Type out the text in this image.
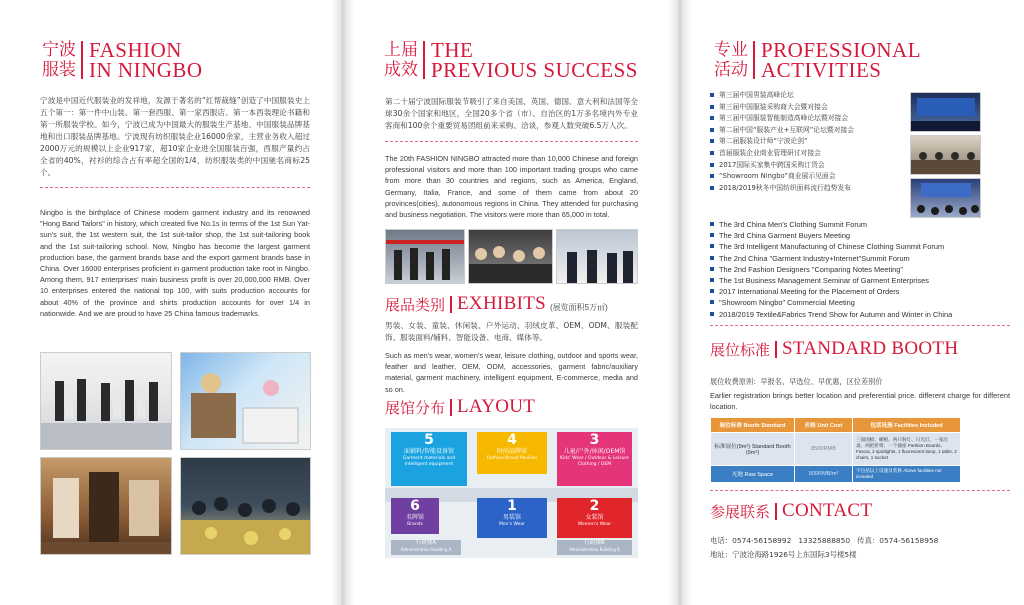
宁波服装
FASHION
IN NINGBO
宁波是中国近代服装业的发祥地，发源于著名的“红帮裁缝”创造了中国服装史上五个第一：第一件中山装、第一套西服、第一家西服店、第一本西装理论书籍和第一所服装学校。如今，宁波已成为中国最大的服装生产基地、中国服装品牌基地和出口服装品牌基地。宁波现有纺织服装企业16000余家，主营业务收入超过2000万元的规模以上企业917家，超10家企业进全国服装百强，西服产量约占全省的40%，衬衫的综合占有率超全国的1/4，纺织服装类的中国驰名商标25个。
Ningbo is the birthplace of Chinese modern garment industry and its renowned "Hong Band Tailors" in history, which created five No.1s in terms of the 1st Sun Yat-sun's suit, the 1st western suit, the 1st suit-tailor shop, the 1st suit-tailoring book and the 1st suit-tailoring school. Now, Ningbo has become the largest garment production base, the garment brands base and the export garment brands base in China. Over 16000 enterprises proficient in garment production take root in Ningbo. Among them, 917 enterprises' main business profit is over 20,000,000 RMB. Over 10 enterprises entered the national top 100, with suits production accounts for about 40% of the province and shirts production accounts for over 1/4 in nationwide. And we are proud to have 25 China famous trademarks.
上届成效
THE
PREVIOUS SUCCESS
第二十届宁波国际服装节吸引了来自美国、英国、德国、意大利和法国等全球30余个国家和地区，全国20多个省（市）、自治区的1万多名境内外专业客商和100余个重要贸易团组前来采购、洽谈，参观人数突破6.5万人次。
The 20th FASHION NINGBO attracted more than 10,000 Chinese and foreign professional visitors and more than 100 important trading groups who came from more than 30 countries and regions, such as America, England, Germany, Italia, France, and some of them came from about 20 provinces(cities), autonomous regions in China. They attended for purchasing and business negotiation. The visitors were more than 65,000 in total.
展品类别 EXHIBITS (展览面积5万㎡)
男装、女装、童装、休闲装、户外运动、羽绒皮革、OEM、ODM、服装配饰、服装面料/辅料、智能设备、电商、媒体等。
Such as men's wear, women's wear, leisure clothing, outdoor and sports wear, feather and leather, OEM, ODM, accessories, garment fabric/auxiliary material, garment machinery, intelligent equipment, E-commerce, media and so on.
展馆分布 LAYOUT
5
面辅料/智能设备馆
Garment materials and intelligent equipment
4
时尚品牌馆
Fashion Brand Pavilion
3
儿童/户外/休闲/OEM馆
Kids' Wear / Outdoor & Leisure Clothing / OEM
6
名牌馆
Brands
1
男装馆
Men's Wear
2
女装馆
Women's Wear
行政楼A
Administration Building A
行政楼B
Administration Building B
专业活动
PROFESSIONAL
ACTIVITIES
第三届中国男装高峰论坛
第三届中国服装采购商大会暨对接会
第三届中国服装智能制造高峰论坛暨对接会
第二届中国“服装产业+互联网”论坛暨对接会
第二届服装设计师“宁波论剑”
首届服装企业商业管理研讨对接会
2017国际买家集中跨国采购订货会
“Showroom Ningbo”商业展示见面会
2018/2019秋冬中国纺织面料流行趋势发布
The 3rd China Men's Clothing Summit Forum
The 3rd China Garment Buyers Meeting
The 3rd Intelligent Manufacturing of Chinese Clothing Summit Forum
The 2nd China "Garment Industry+Internet"Summit Forum
The 2nd Fashion Designers "Comparing Notes Meeting"
The 1st Business Management Seminar of Garment Enterprises
2017 International Meeting for the Placement of Orders
"Showroom Ningbo" Commercial Meeting
2018/2019 Textile&Fabrics Trend Show for Autumn and Winter in China
展位标准 STANDARD BOOTH
展位收费原则：早报名、早选位、早优惠，区位差别价
Earlier registration brings better location and preferential price. different charge for different location.
展位标准 Booth Standard	价格 Unit Cost	包括设施 Facilities Included
标准展位(9m²) Standard Booth (9m²)	8500RMB	三面围板、楣板、两只射灯、日光灯、一张洽桌、两把折椅、一个插座 Partition Boards, Fascia, 2 spotlights, 1 fluorescent lamp, 1 table, 2 chairs, 1 socket
光地 Raw Space	900RMB/m²	不包括以上设施及装修 Above facilities not included
参展联系 CONTACT
电话：0574-56158992   13325888850   传真：0574-56158958
地址：宁波沧海路1926号上东国际3号楼5楼
